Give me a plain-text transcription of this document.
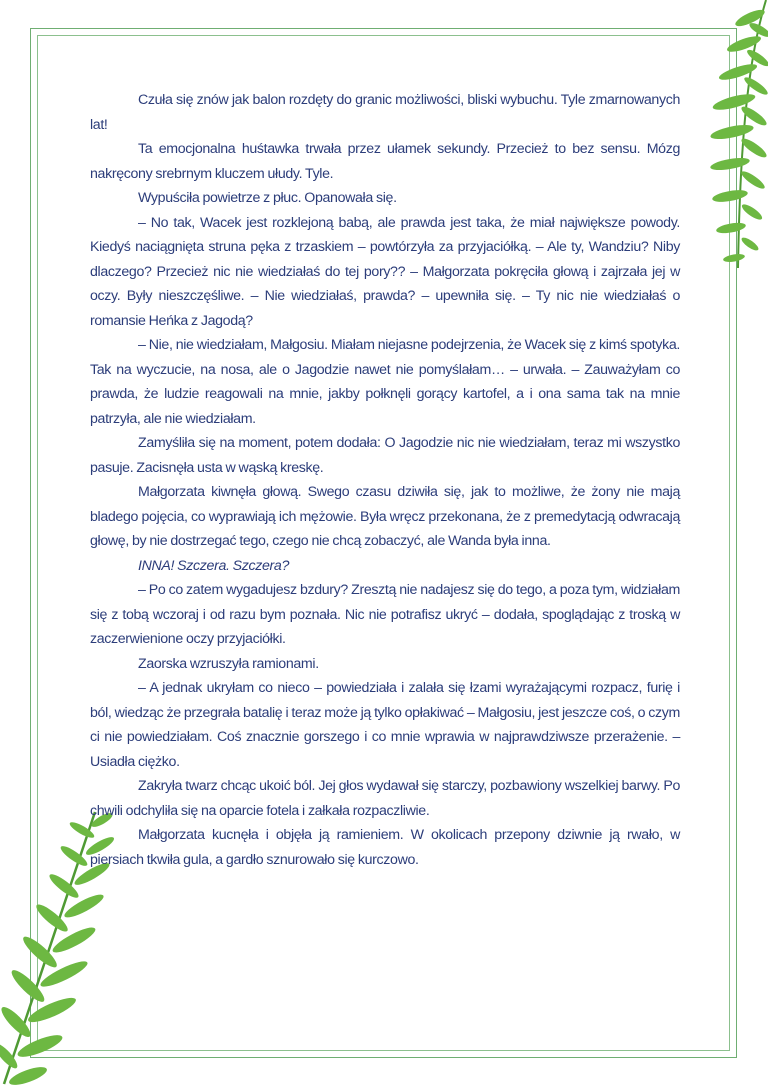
Czuła się znów jak balon rozdęty do granic możliwości, bliski wybuchu. Tyle zmarnowanych lat!

Ta emocjonalna huśtawka trwała przez ułamek sekundy. Przecież to bez sensu. Mózg nakręcony srebrnym kluczem ułudy. Tyle.

Wypuściła powietrze z płuc. Opanowała się.

– No tak, Wacek jest rozklejoną babą, ale prawda jest taka, że miał największe powody. Kiedyś naciągnięta struna pęka z trzaskiem – powtórzyła za przyjaciółką. – Ale ty, Wandziu? Niby dlaczego? Przecież nic nie wiedziałaś do tej pory?? – Małgorzata pokręciła głową i zajrzała jej w oczy. Były nieszczęśliwe. – Nie wiedziałaś, prawda? – upewniła się. – Ty nic nie wiedziałaś o romansie Heńka z Jagodą?

– Nie, nie wiedziałam, Małgosiu. Miałam niejasne podejrzenia, że Wacek się z kimś spotyka. Tak na wyczucie, na nosa, ale o Jagodzie nawet nie pomyślałam… – urwała. – Zauważyłam co prawda, że ludzie reagowali na mnie, jakby połknęli gorący kartofel, a i ona sama tak na mnie patrzyła, ale nie wiedziałam.

Zamyśliła się na moment, potem dodała: O Jagodzie nic nie wiedziałam, teraz mi wszystko pasuje. Zacisnęła usta w wąską kreskę.

Małgorzata kiwnęła głową. Swego czasu dziwiła się, jak to możliwe, że żony nie mają bladego pojęcia, co wyprawiają ich mężowie. Była wręcz przekonana, że z premedytacją odwracają głowę, by nie dostrzegać tego, czego nie chcą zobaczyć, ale Wanda była inna.

INNA! Szczera. Szczera?

– Po co zatem wygadujesz bzdury? Zresztą nie nadajesz się do tego, a poza tym, widziałam się z tobą wczoraj i od razu bym poznała. Nic nie potrafisz ukryć – dodała, spoglądając z troską w zaczerwienione oczy przyjaciółki.

Zaorska wzruszyła ramionami.

– A jednak ukryłam co nieco – powiedziała i zalała się łzami wyrażającymi rozpacz, furię i ból, wiedząc że przegrała batalię i teraz może ją tylko opłakiwać – Małgosiu, jest jeszcze coś, o czym ci nie powiedziałam. Coś znacznie gorszego i co mnie wprawia w najprawdziwsze przerażenie. – Usiadła ciężko.

Zakryła twarz chcąc ukoić ból. Jej głos wydawał się starczy, pozbawiony wszelkiej barwy. Po chwili odchyliła się na oparcie fotela i załkała rozpaczliwie.

Małgorzata kucnęła i objęła ją ramieniem. W okolicach przepony dziwnie ją rwało, w piersiach tkwiła gula, a gardło sznurowało się kurczowo.
